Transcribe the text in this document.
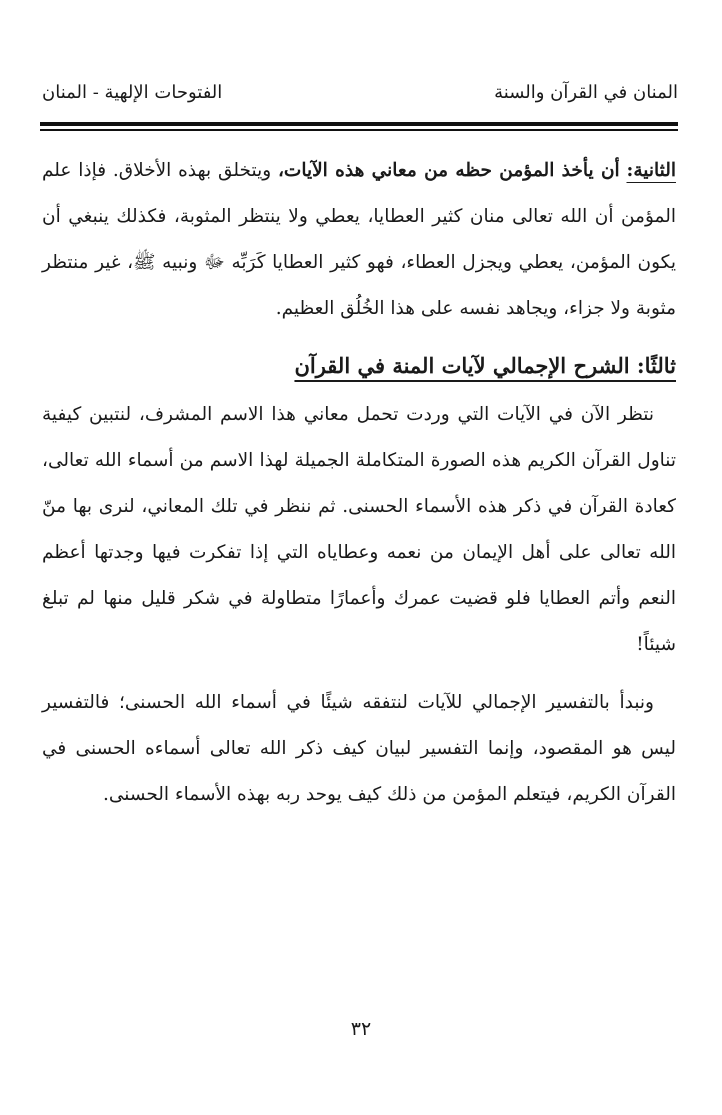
المنان في القرآن والسنة
الفتوحات الإلهية - المنان

الثانية: أن يأخذ المؤمن حظه من معاني هذه الآيات، ويتخلق بهذه الأخلاق. فإذا علم المؤمن أن الله تعالى منان كثير العطايا، يعطي ولا ينتظر المثوبة، فكذلك ينبغي أن يكون المؤمن، يعطي ويجزل العطاء، فهو كثير العطايا كَرَبِّه ﷻ ونبيه ﷺ، غير منتظر مثوبة ولا جزاء، ويجاهد نفسه على هذا الخُلُق العظيم.

ثالثًا: الشرح الإجمالي لآيات المنة في القرآن

نتظر الآن في الآيات التي وردت تحمل معاني هذا الاسم المشرف، لنتبين كيفية تناول القرآن الكريم هذه الصورة المتكاملة الجميلة لهذا الاسم من أسماء الله تعالى، كعادة القرآن في ذكر هذه الأسماء الحسنى. ثم ننظر في تلك المعاني، لنرى بها منّ الله تعالى على أهل الإيمان من نعمه وعطاياه التي إذا تفكرت فيها وجدتها أعظم النعم وأتم العطايا فلو قضيت عمرك وأعمارًا متطاولة في شكر قليل منها لم تبلغ شيئاً!

ونبدأ بالتفسير الإجمالي للآيات لنتفقه شيئًا في أسماء الله الحسنى؛ فالتفسير ليس هو المقصود، وإنما التفسير لبيان كيف ذكر الله تعالى أسماءه الحسنى في القرآن الكريم، فيتعلم المؤمن من ذلك كيف يوحد ربه بهذه الأسماء الحسنى.

٣٢
